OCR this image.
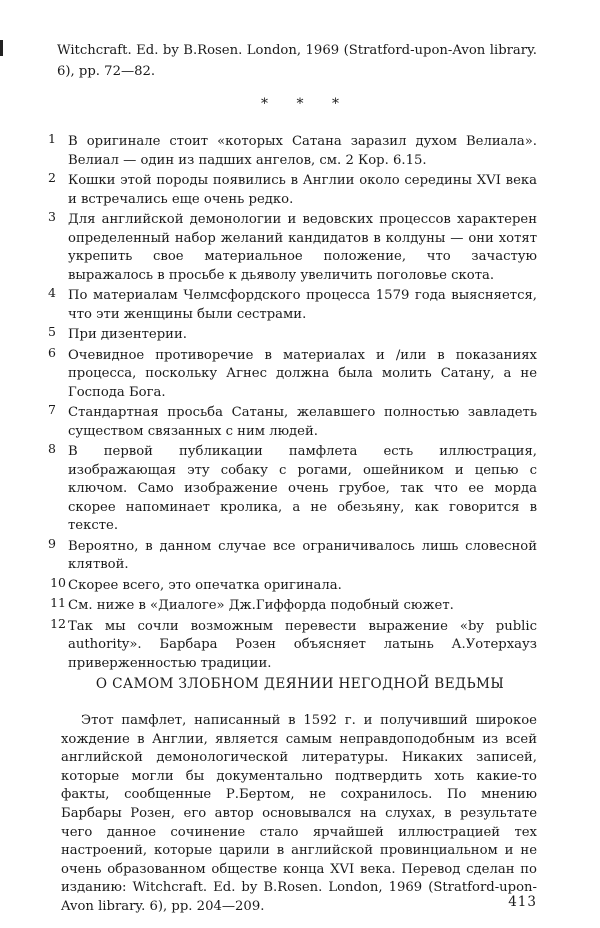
Witchcraft. Ed. by B.Rosen. London, 1969 (Stratford-upon-Avon library. 6), pp. 72—82.

* * *
1 В оригинале стоит «которых Сатана заразил духом Велиала». Велиал — один из падших ангелов, см. 2 Кор. 6.15.
2 Кошки этой породы появились в Англии около середины XVI века и встречались еще очень редко.
3 Для английской демонологии и ведовских процессов характерен определенный набор желаний кандидатов в колдуны — они хотят укрепить свое материальное положение, что зачастую выражалось в просьбе к дьяволу увеличить поголовье скота.
4 По материалам Челмсфордского процесса 1579 года выясняется, что эти женщины были сестрами.
5 При дизентерии.
6 Очевидное противоречие в материалах и /или в показаниях процесса, поскольку Агнес должна была молить Сатану, а не Господа Бога.
7 Стандартная просьба Сатаны, желавшего полностью завладеть существом связанных с ним людей.
8 В первой публикации памфлета есть иллюстрация, изображающая эту собаку с рогами, ошейником и цепью с ключом. Само изображение очень грубое, так что ее морда скорее напоминает кролика, а не обезьяну, как говорится в тексте.
9 Вероятно, в данном случае все ограничивалось лишь словесной клятвой.
10 Скорее всего, это опечатка оригинала.
11 См. ниже в «Диалоге» Дж.Гиффорда подобный сюжет.
12 Так мы сочли возможным перевести выражение «by public authority». Барбара Розен объясняет латынь А.Уотерхауз приверженностью традиции.
О САМОМ ЗЛОБНОМ ДЕЯНИИ НЕГОДНОЙ ВЕДЬМЫ

Этот памфлет, написанный в 1592 г. и получивший широкое хождение в Англии, является самым неправдоподобным из всей английской демонологической литературы. Никаких записей, которые могли бы документально подтвердить хоть какие-то факты, сообщенные Р.Бертом, не сохранилось. По мнению Барбары Розен, его автор основывался на слухах, в результате чего данное сочинение стало ярчайшей иллюстрацией тех настроений, которые царили в английской провинциальном и не очень образованном обществе конца XVI века. Перевод сделан по изданию: Witchcraft. Ed. by B.Rosen. London, 1969 (Stratford-upon-Avon library. 6), pp. 204—209.	413
